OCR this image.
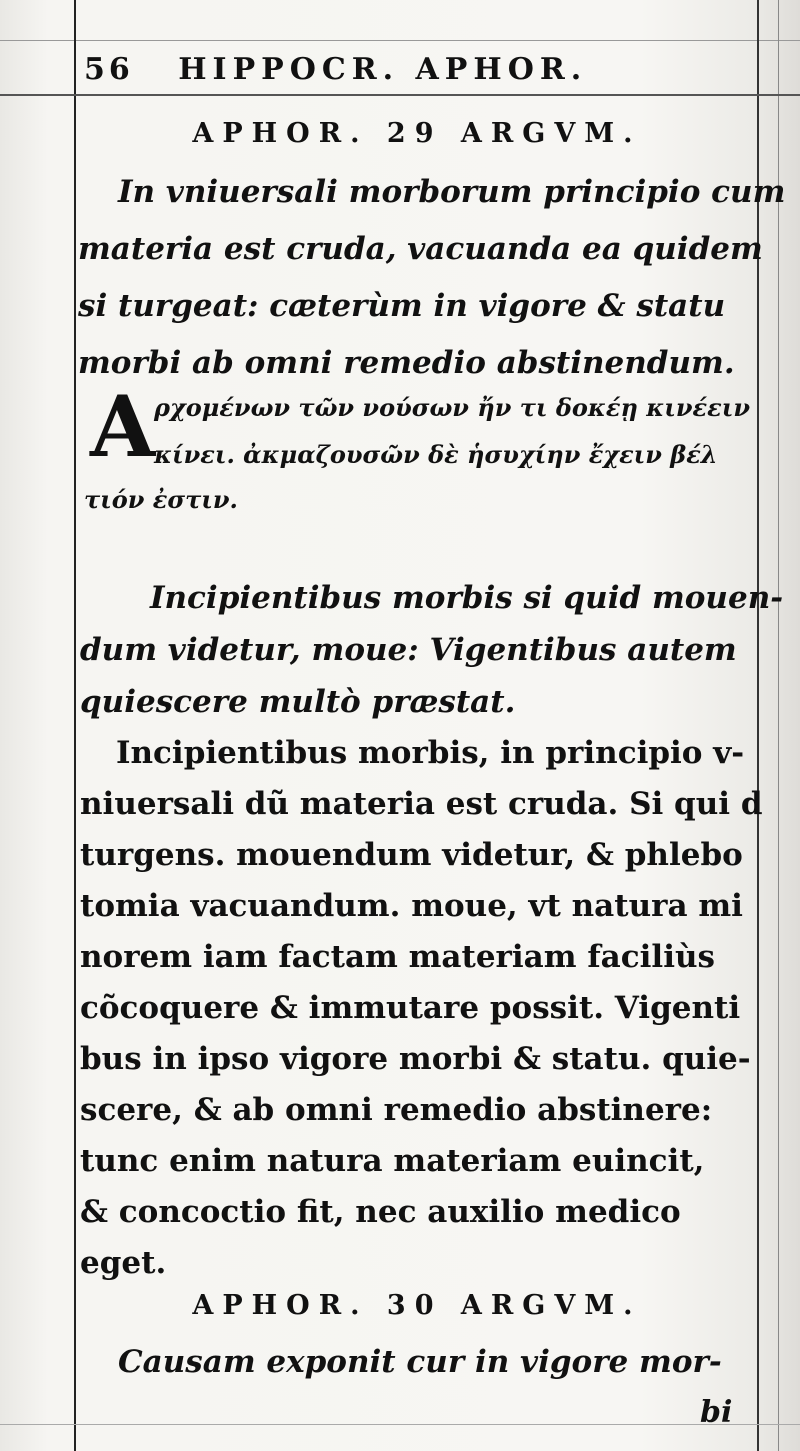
56 HIPPOCR. APHOR.
APHOR. 29 ARGVM.
In vniuersali morborum principio cum
materia est cruda, vacuanda ea quidem
si turgeat: cæterùm in vigore & statu
morbi ab omni remedio abstinendum.
A
ρχομένων τῶν νούσων ἤν τι δοκέῃ κινέειν
κίνει. ἀκμαζουσῶν δὲ ἡσυχίην ἔχειν βέλ
τιόν ἐστιν.
Incipientibus morbis si quid mouen-
dum videtur, moue: Vigentibus autem
quiescere multò præstat.
Incipientibus morbis, in principio v-
niuersali dũ materia est cruda. Si qui d
turgens. mouendum videtur, & phlebo
tomia vacuandum. moue, vt natura mi
norem iam factam materiam faciliùs
cõcoquere & immutare possit. Vigenti
bus in ipso vigore morbi & statu. quie-
scere, & ab omni remedio abstinere:
tunc enim natura materiam euincit,
& concoctio fit, nec auxilio medico
eget.
APHOR. 30 ARGVM.
Causam exponit cur in vigore mor-
bi
